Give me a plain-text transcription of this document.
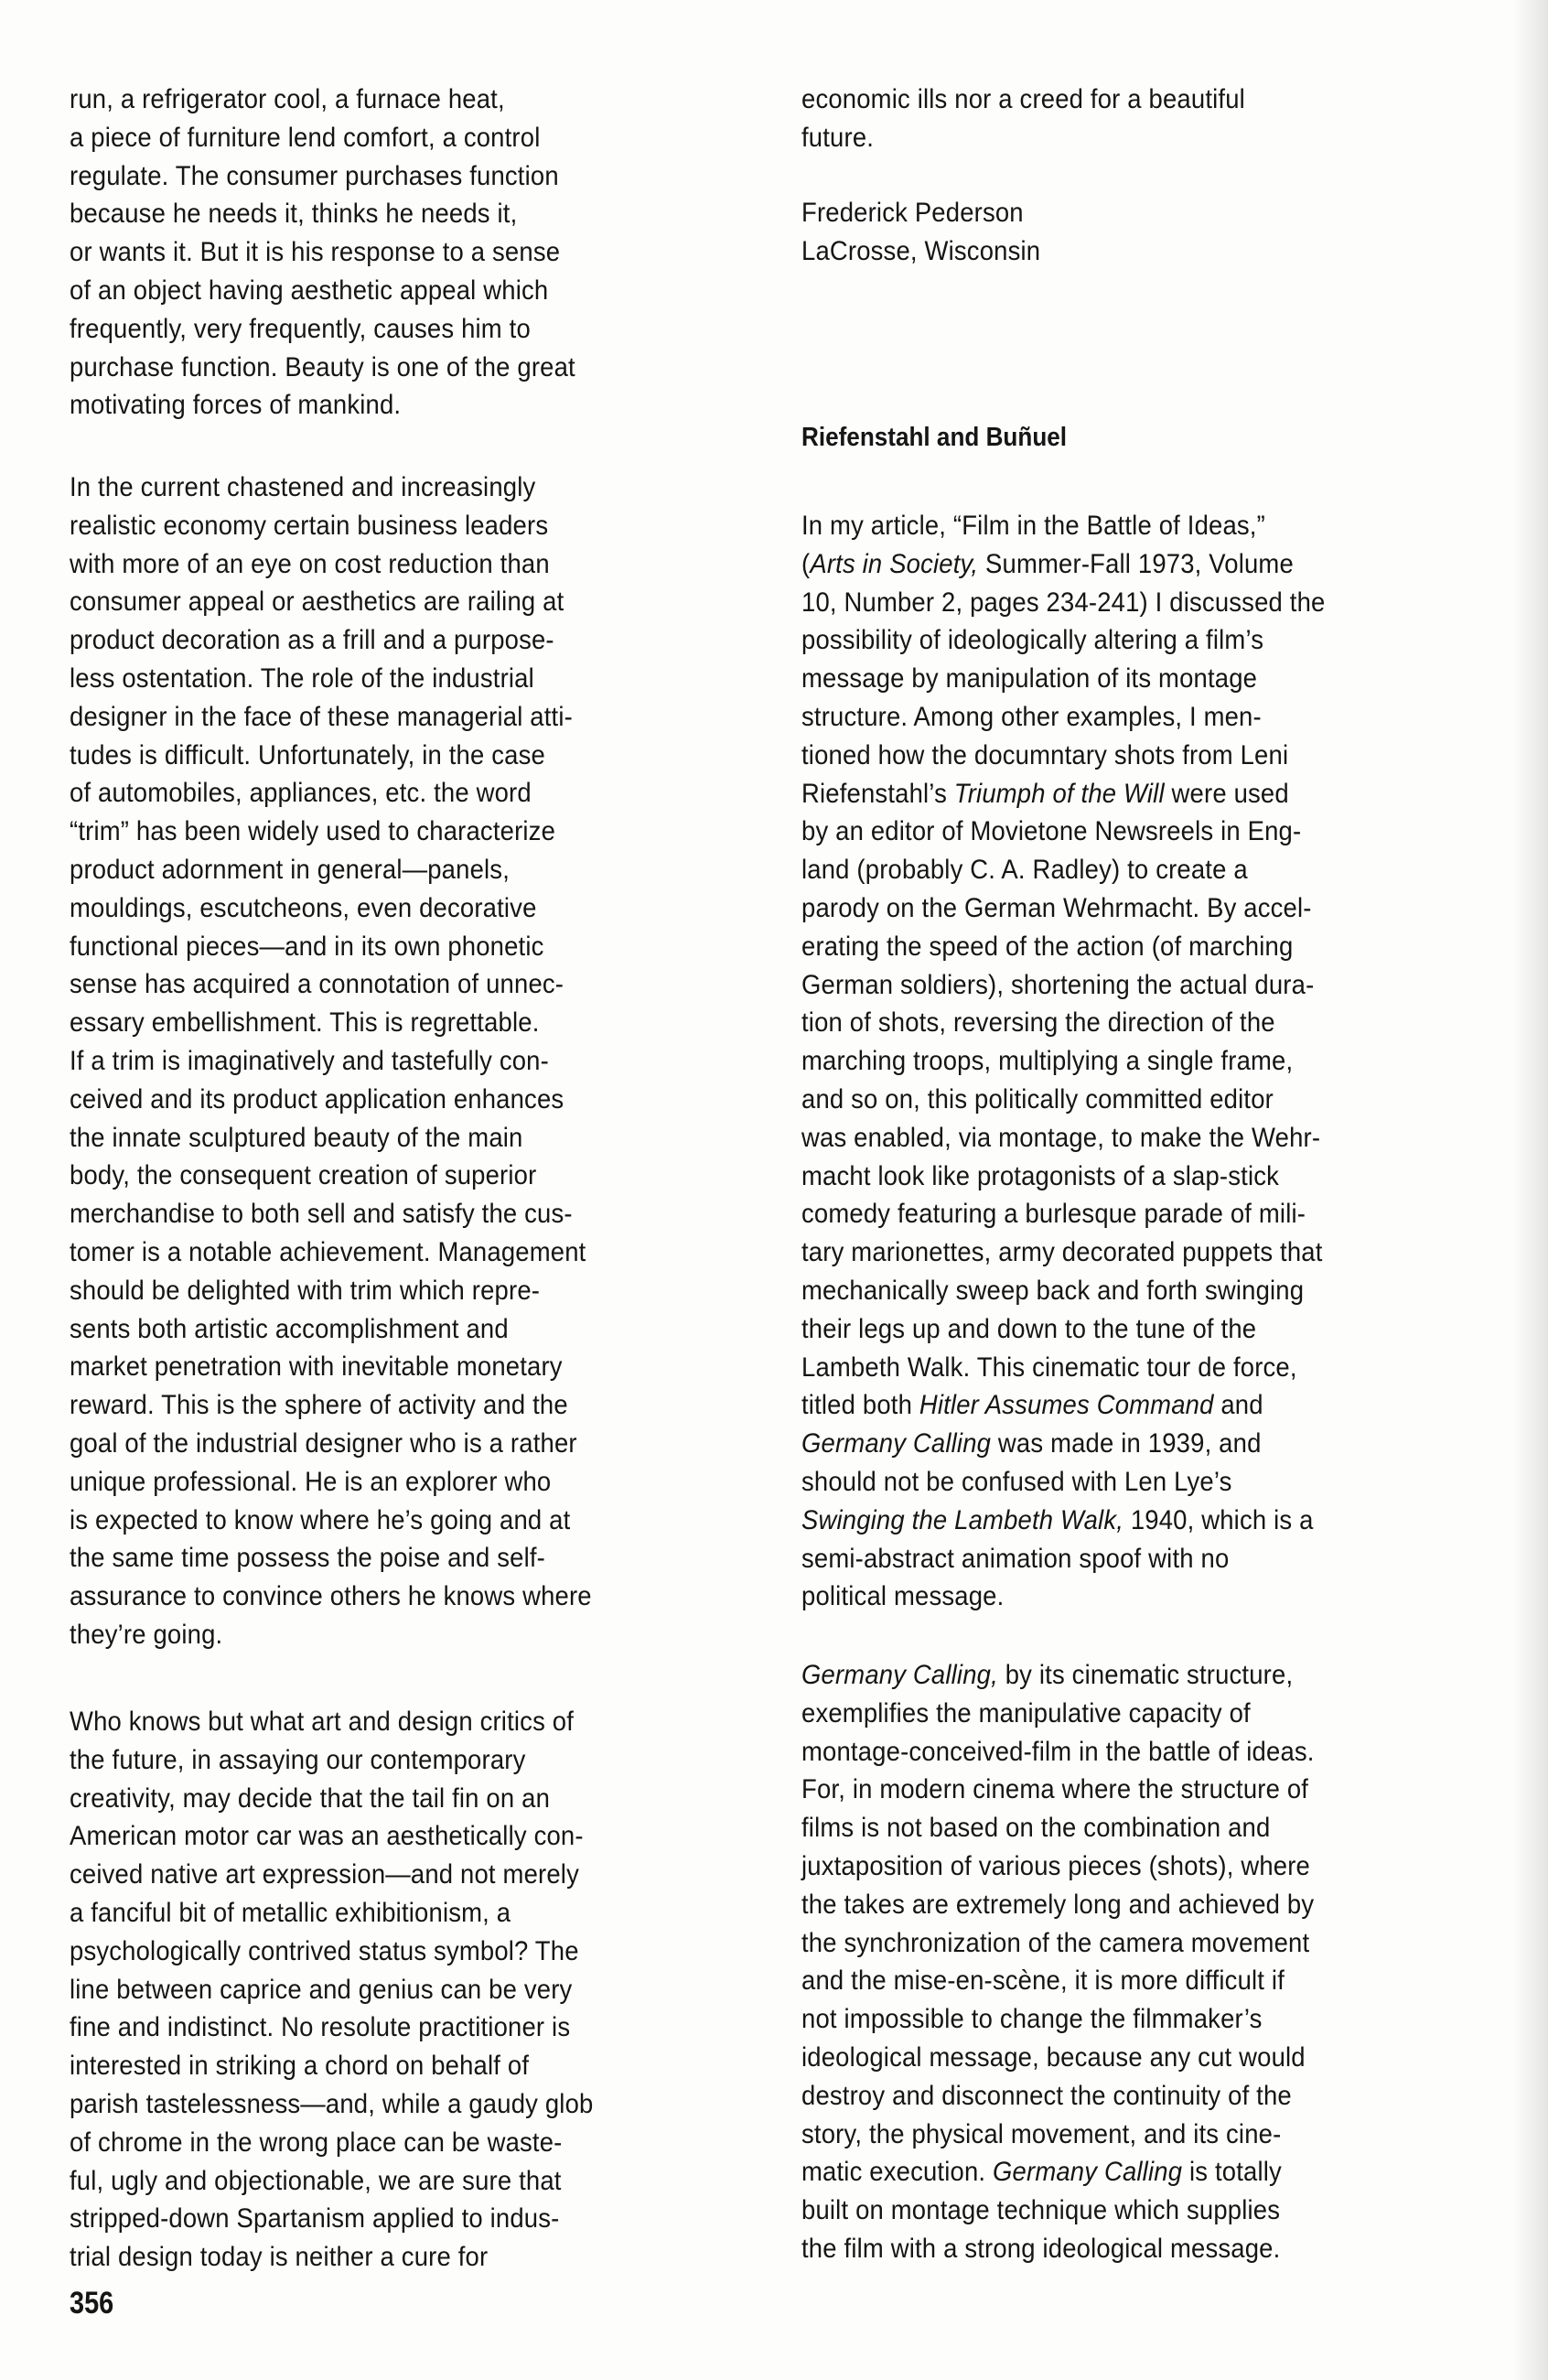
run, a refrigerator cool, a furnace heat,
a piece of furniture lend comfort, a control
regulate. The consumer purchases function
because he needs it, thinks he needs it,
or wants it. But it is his response to a sense
of an object having aesthetic appeal which
frequently, very frequently, causes him to
purchase function. Beauty is one of the great
motivating forces of mankind.
In the current chastened and increasingly
realistic economy certain business leaders
with more of an eye on cost reduction than
consumer appeal or aesthetics are railing at
product decoration as a frill and a purpose-
less ostentation. The role of the industrial
designer in the face of these managerial atti-
tudes is difficult. Unfortunately, in the case
of automobiles, appliances, etc. the word
“trim” has been widely used to characterize
product adornment in general—panels,
mouldings, escutcheons, even decorative
functional pieces—and in its own phonetic
sense has acquired a connotation of unnec-
essary embellishment. This is regrettable.
If a trim is imaginatively and tastefully con-
ceived and its product application enhances
the innate sculptured beauty of the main
body, the consequent creation of superior
merchandise to both sell and satisfy the cus-
tomer is a notable achievement. Management
should be delighted with trim which repre-
sents both artistic accomplishment and
market penetration with inevitable monetary
reward. This is the sphere of activity and the
goal of the industrial designer who is a rather
unique professional. He is an explorer who
is expected to know where he’s going and at
the same time possess the poise and self-
assurance to convince others he knows where
they’re going.
Who knows but what art and design critics of
the future, in assaying our contemporary
creativity, may decide that the tail fin on an
American motor car was an aesthetically con-
ceived native art expression—and not merely
a fanciful bit of metallic exhibitionism, a
psychologically contrived status symbol? The
line between caprice and genius can be very
fine and indistinct. No resolute practitioner is
interested in striking a chord on behalf of
parish tastelessness—and, while a gaudy glob
of chrome in the wrong place can be waste-
ful, ugly and objectionable, we are sure that
stripped-down Spartanism applied to indus-
trial design today is neither a cure for
356
economic ills nor a creed for a beautiful
future.
Frederick Pederson
LaCrosse, Wisconsin
In my article, “Film in the Battle of Ideas,”
(Arts in Society, Summer-Fall 1973, Volume
10, Number 2, pages 234-241) I discussed the
possibility of ideologically altering a film’s
message by manipulation of its montage
structure. Among other examples, I men-
tioned how the documntary shots from Leni
Riefenstahl’s Triumph of the Will were used
by an editor of Movietone Newsreels in Eng-
land (probably C. A. Radley) to create a
parody on the German Wehrmacht. By accel-
erating the speed of the action (of marching
German soldiers), shortening the actual dura-
tion of shots, reversing the direction of the
marching troops, multiplying a single frame,
and so on, this politically committed editor
was enabled, via montage, to make the Wehr-
macht look like protagonists of a slap-stick
comedy featuring a burlesque parade of mili-
tary marionettes, army decorated puppets that
mechanically sweep back and forth swinging
their legs up and down to the tune of the
Lambeth Walk. This cinematic tour de force,
titled both Hitler Assumes Command and
Germany Calling was made in 1939, and
should not be confused with Len Lye’s
Swinging the Lambeth Walk, 1940, which is a
semi-abstract animation spoof with no
political message.
Germany Calling, by its cinematic structure,
exemplifies the manipulative capacity of
montage-conceived-film in the battle of ideas.
For, in modern cinema where the structure of
films is not based on the combination and
juxtaposition of various pieces (shots), where
the takes are extremely long and achieved by
the synchronization of the camera movement
and the mise-en-scène, it is more difficult if
not impossible to change the filmmaker’s
ideological message, because any cut would
destroy and disconnect the continuity of the
story, the physical movement, and its cine-
matic execution. Germany Calling is totally
built on montage technique which supplies
the film with a strong ideological message.
Riefenstahl and Buñuel
